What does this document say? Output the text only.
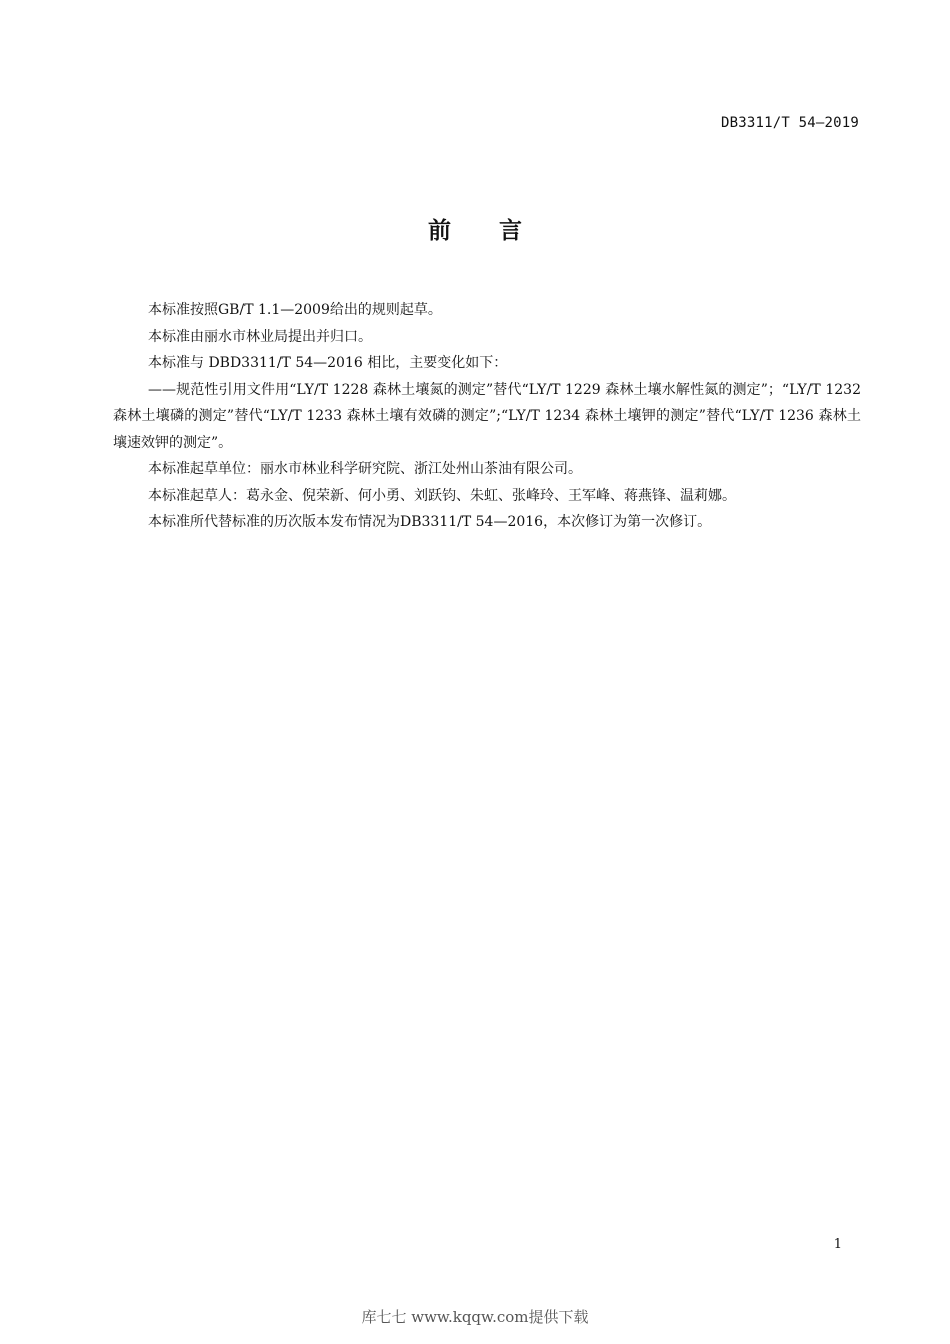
DB3311/T 54—2019
前 言

本标准按照GB/T 1.1—2009给出的规则起草。

本标准由丽水市林业局提出并归口。

本标准与 DBD3311/T 54—2016 相比，主要变化如下：

——规范性引用文件用“LY/T 1228 森林土壤氮的测定”替代“LY/T 1229 森林土壤水解性氮的测定”；“LY/T 1232 森林土壤磷的测定”替代“LY/T 1233 森林土壤有效磷的测定”;“LY/T 1234 森林土壤钾的测定”替代“LY/T 1236 森林土壤速效钾的测定”。

本标准起草单位：丽水市林业科学研究院、浙江处州山茶油有限公司。

本标准起草人：葛永金、倪荣新、何小勇、刘跃钧、朱虹、张峰玲、王军峰、蒋燕锋、温莉娜。

本标准所代替标准的历次版本发布情况为DB3311/T 54—2016，本次修订为第一次修订。

1
库七七 www.kqqw.com提供下载
